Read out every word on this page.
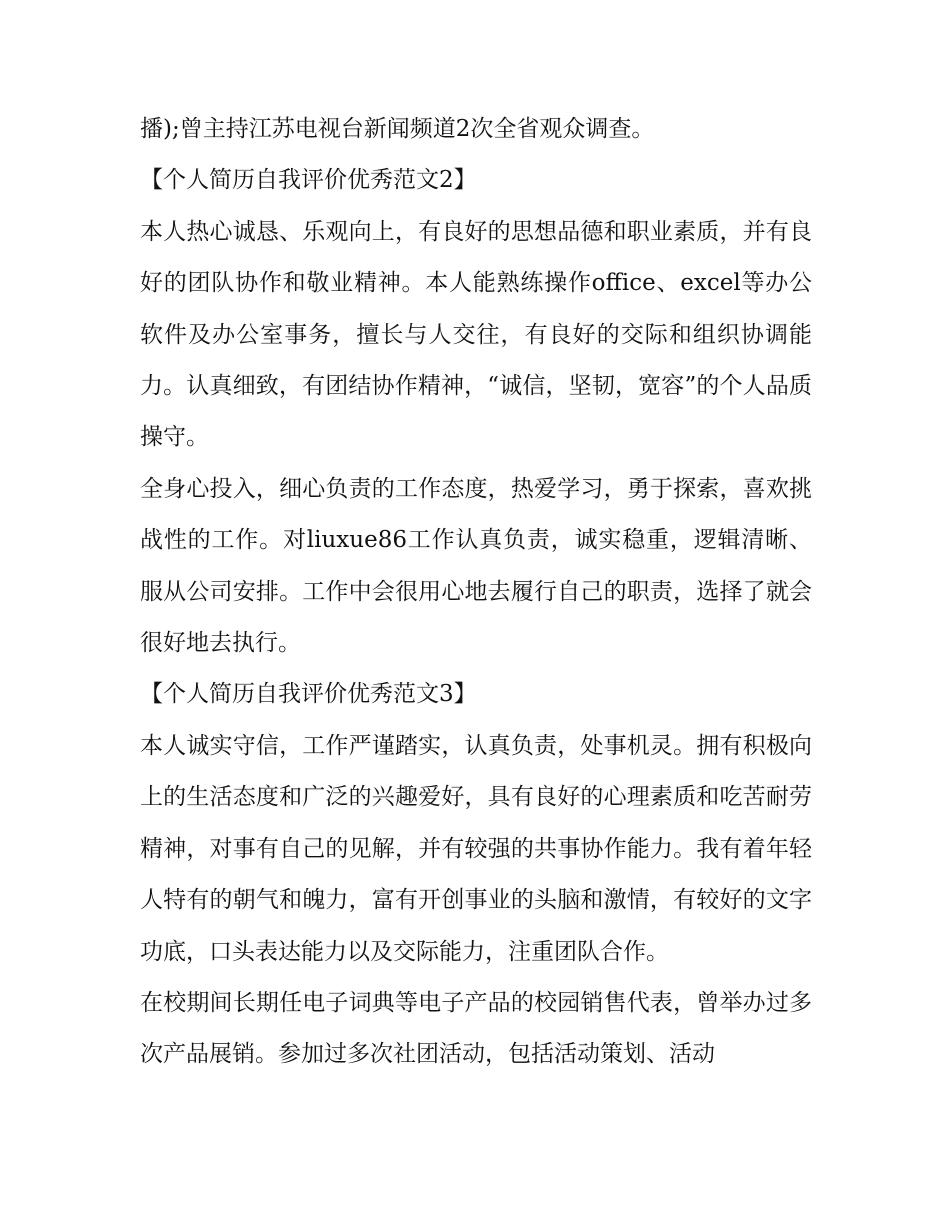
播);曾主持江苏电视台新闻频道2次全省观众调查。

【个人简历自我评价优秀范文2】

本人热心诚恳、乐观向上，有良好的思想品德和职业素质，并有良好的团队协作和敬业精神。本人能熟练操作office、excel等办公软件及办公室事务，擅长与人交往，有良好的交际和组织协调能力。认真细致，有团结协作精神，“诚信，坚韧，宽容”的个人品质操守。

全身心投入，细心负责的工作态度，热爱学习，勇于探索，喜欢挑战性的工作。对liuxue86工作认真负责，诚实稳重，逻辑清晰、服从公司安排。工作中会很用心地去履行自己的职责，选择了就会很好地去执行。

【个人简历自我评价优秀范文3】

本人诚实守信，工作严谨踏实，认真负责，处事机灵。拥有积极向上的生活态度和广泛的兴趣爱好，具有良好的心理素质和吃苦耐劳精神，对事有自己的见解，并有较强的共事协作能力。我有着年轻人特有的朝气和魄力，富有开创事业的头脑和激情，有较好的文字功底，口头表达能力以及交际能力，注重团队合作。

在校期间长期任电子词典等电子产品的校园销售代表，曾举办过多次产品展销。参加过多次社团活动，包括活动策划、活动
